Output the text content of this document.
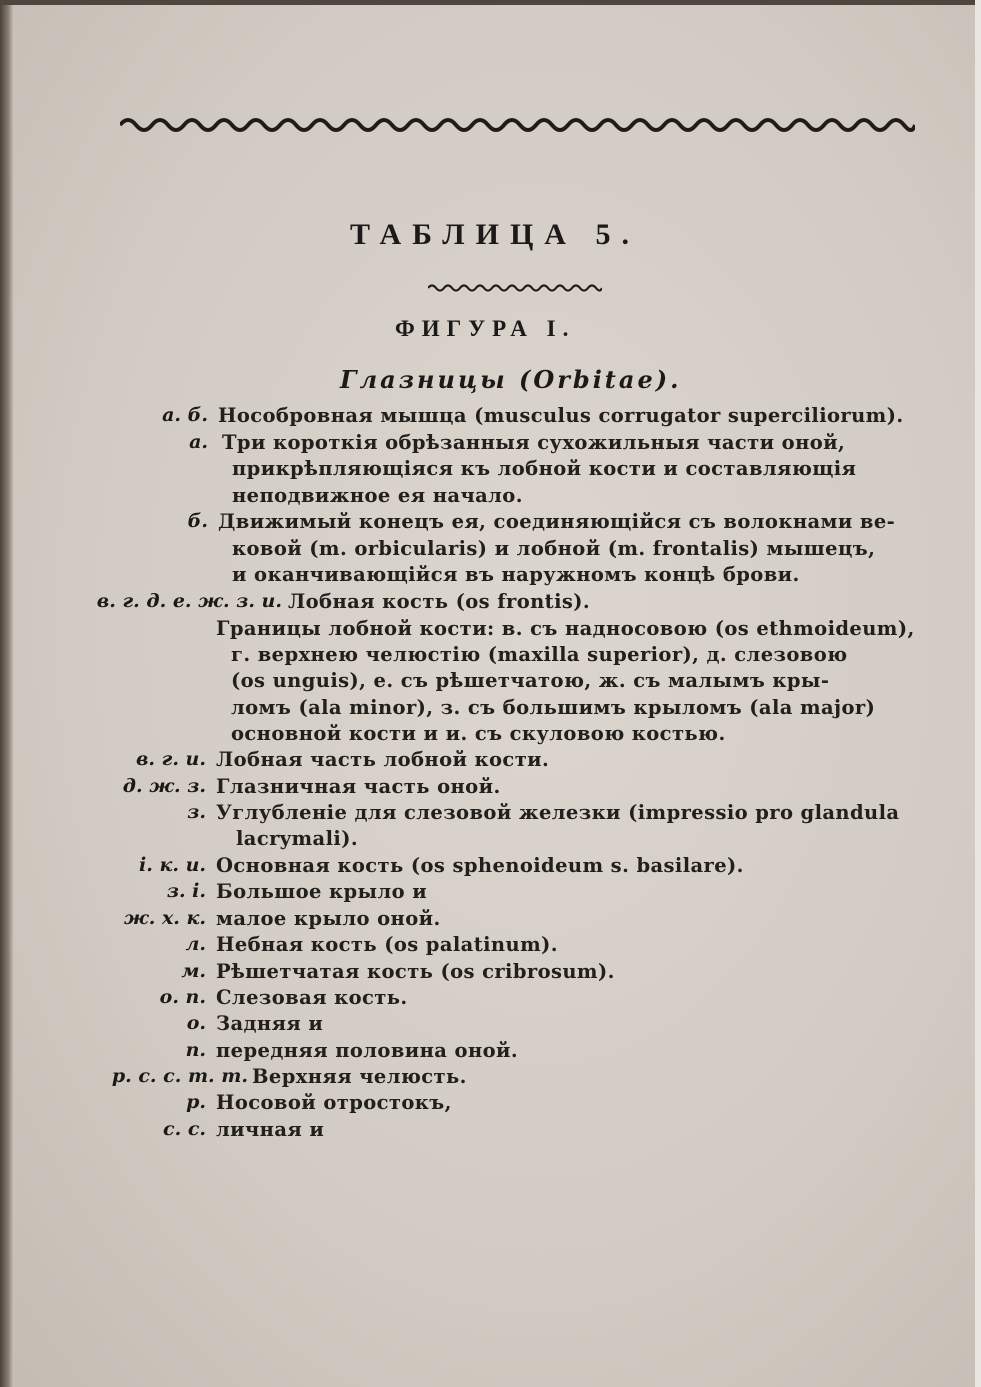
ТАБЛИЦА 5.
ФИГУРА I.
Глазницы (Orbitae).
а. б. Нособровная мышца (musculus corrugator superciliorum).
а. Три короткія обрѣзанныя сухожильныя части оной,
прикрѣпляющіяся къ лобной кости и составляющія
неподвижное ея начало.
б. Движимый конецъ ея, соединяющійся съ волокнами ве-
ковой (m. orbicularis) и лобной (m. frontalis) мышецъ,
и оканчивающійся въ наружномъ концѣ брови.
в. г. д. е. ж. з. и. Лобная кость (os frontis).
Границы лобной кости: в. съ надносовою (os ethmoideum),
г. верхнею челюстію (maxilla superior), д. слезовою
(os unguis), е. съ рѣшетчатою, ж. съ малымъ кры-
ломъ (ala minor), з. съ большимъ крыломъ (ala major)
основной кости и и. съ скуловою костью.
в. г. и. Лобная часть лобной кости.
д. ж. з. Глазничная часть оной.
з. Углубленіе для слезовой железки (impressio pro glandula
lacrymali).
і. к. и. Основная кость (os sphenoideum s. basilare).
з. і. Большое крыло и
ж. х. к. малое крыло оной.
л. Небная кость (os palatinum).
м. Рѣшетчатая кость (os cribrosum).
о. п. Слезовая кость.
о. Задняя и
п. передняя половина оной.
р. с. с. т. т. Верхняя челюсть.
р. Носовой отростокъ,
с. с. личная и
